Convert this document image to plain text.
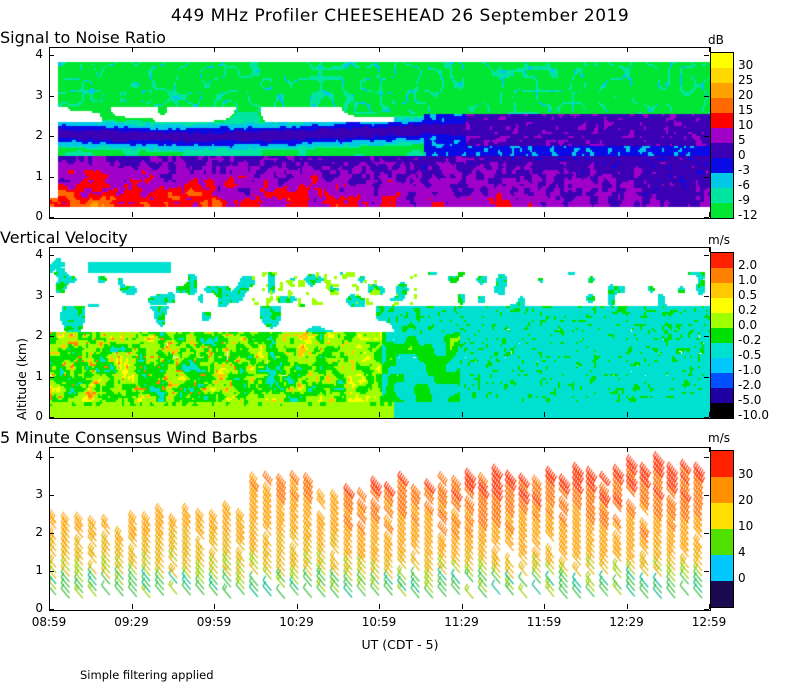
449 MHz Profiler CHEESEHEAD 26 September 2019
Signal to Noise Ratio
Vertical Velocity
5 Minute Consensus Wind Barbs
Altitude (km)
UT (CDT - 5)
Simple filtering applied
0
1
2
3
4
0
1
2
3
4
0
1
2
3
4
08:59	09:29	09:59	10:29	10:59	11:29	11:59	12:29	12:59
dB
30
25
20
15
10
5
0
-3
-6
-9
-12
m/s
2.0
1.0
0.5
0.2
0.0
-0.2
-0.5
-1.0
-2.0
-5.0
-10.0
m/s
30
20
10
4
0
